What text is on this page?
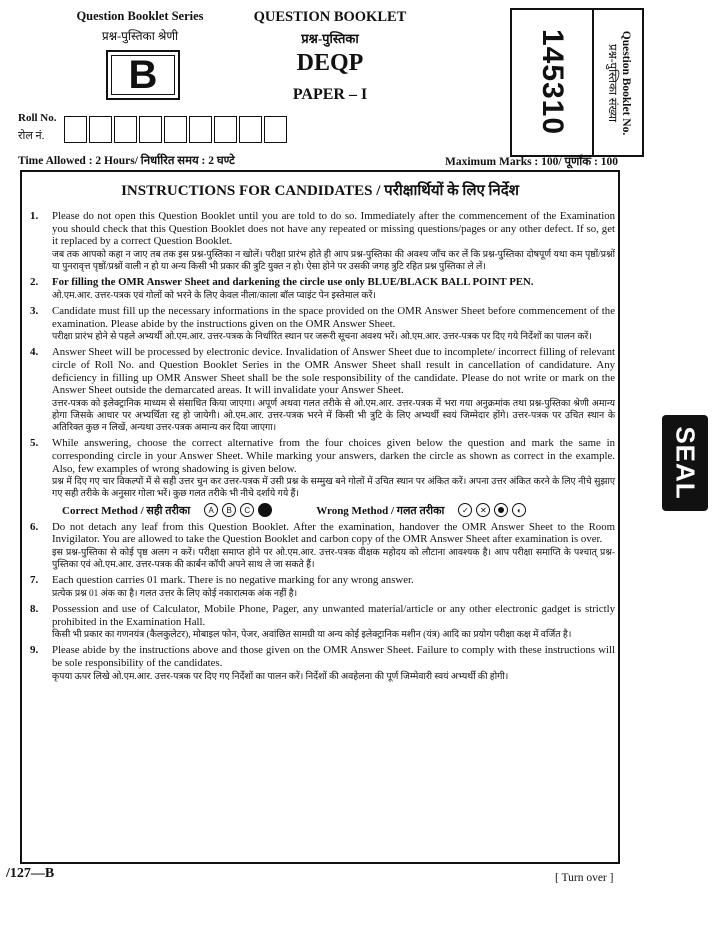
Question Booklet Series
प्रश्न-पुस्तिका श्रेणी
B
QUESTION BOOKLET
प्रश्न-पुस्तिका
DEQP
PAPER – I	145310	Question Booklet No.
प्रश्न-पुस्तिका संख्या
Roll No.
रोल नं.
Time Allowed : 2 Hours/ निर्धारित समय : 2 घण्टे	Maximum Marks : 100/ पूर्णांक : 100
INSTRUCTIONS FOR CANDIDATES / परीक्षार्थियों के लिए निर्देश
1. Please do not open this Question Booklet until you are told to do so. Immediately after the commencement of the Examination you should check that this Question Booklet does not have any repeated or missing questions/pages or any other defect. If so, get it replaced by a correct Question Booklet.
जब तक आपको कहा न जाए तब तक इस प्रश्न-पुस्तिका न खोलें। परीक्षा प्रारंभ होते ही आप प्रश्न-पुस्तिका की अवश्य जाँच कर लें कि प्रश्न-पुस्तिका दोषपूर्ण यथा कम पृष्ठों/प्रश्नों या पुनरावृत्त पृष्ठों/प्रश्नों वाली न हो या अन्य किसी भी प्रकार की त्रुटि युक्त न हो। ऐसा होने पर उसकी जगह त्रुटि रहित प्रश्न पुस्तिका ले लें।
2. For filling the OMR Answer Sheet and darkening the circle use only BLUE/BLACK BALL POINT PEN.
ओ.एम.आर. उत्तर-पत्रक एवं गोलों को भरने के लिए केवल नीला/काला बॉल प्वाइंट पेन इस्तेमाल करें।
3. Candidate must fill up the necessary informations in the space provided on the OMR Answer Sheet before commencement of the examination. Please abide by the instructions given on the OMR Answer Sheet.
परीक्षा प्रारंभ होने से पहले अभ्यर्थी ओ.एम.आर. उत्तर-पत्रक के निर्धारित स्थान पर जरूरी सूचना अवश्य भरें। ओ.एम.आर. उत्तर-पत्रक पर दिए गये निर्देशों का पालन करें।
4. Answer Sheet will be processed by electronic device. Invalidation of Answer Sheet due to incomplete/ incorrect filling of relevant circle of Roll No. and Question Booklet Series in the OMR Answer Sheet shall result in cancellation of candidature. Any deficiency in filling up OMR Answer Sheet shall be the sole responsibility of the candidate. Please do not write or mark on the Answer Sheet outside the demarcated areas. It will invalidate your Answer Sheet.
उत्तर-पत्रक को इलेक्ट्रानिक माध्यम से संसाधित किया जाएगा। अपूर्ण अथवा गलत तरीके से ओ.एम.आर. उत्तर-पत्रक में भरा गया अनुक्रमांक तथा प्रश्न-पुस्तिका श्रेणी अमान्य होगा जिसके आधार पर अभ्यर्थिता रद्द हो जायेगी। ओ.एम.आर. उत्तर-पत्रक भरने में किसी भी त्रुटि के लिए अभ्यर्थी स्वयं जिम्मेदार होंगे। उत्तर-पत्रक पर उचित स्थान के अतिरिक्त कुछ न लिखें, अन्यथा उत्तर-पत्रक अमान्य कर दिया जाएगा।
5. While answering, choose the correct alternative from the four choices given below the question and mark the same in corresponding circle in your Answer Sheet. While marking your answers, darken the circle as shown as correct in the example. Also, few examples of wrong shadowing is given below.
प्रश्न में दिए गए चार विकल्पों में से सही उत्तर चुन कर उत्तर-पत्रक में उसी प्रश्न के सम्मुख बने गोलों में उचित स्थान पर अंकित करें। अपना उत्तर अंकित करने के लिए नीचे सुझाए गए सही तरीके के अनुसार गोला भरें। कुछ गलत तरीके भी नीचे दर्शाये गये हैं।
Correct Method / सही तरीका	A	B	C	Wrong Method / गलत तरीका	✓	✕	◐
6. Do not detach any leaf from this Question Booklet. After the examination, handover the OMR Answer Sheet to the Room Invigilator. You are allowed to take the Question Booklet and carbon copy of the OMR Answer Sheet after examination is over.
इस प्रश्न-पुस्तिका से कोई पृष्ठ अलग न करें। परीक्षा समाप्त होने पर ओ.एम.आर. उत्तर-पत्रक वीक्षक महोदय को लौटाना आवश्यक है। आप परीक्षा समाप्ति के पश्चात् प्रश्न-पुस्तिका एवं ओ.एम.आर. उत्तर-पत्रक की कार्बन कॉपी अपने साथ ले जा सकते हैं।
7. Each question carries 01 mark. There is no negative marking for any wrong answer.
प्रत्येक प्रश्न 01 अंक का है। गलत उत्तर के लिए कोई नकारात्मक अंक नहीं है।
8. Possession and use of Calculator, Mobile Phone, Pager, any unwanted material/article or any other electronic gadget is strictly prohibited in the Examination Hall.
किसी भी प्रकार का गणनयंत्र (कैलकुलेटर), मोबाइल फोन, पेजर, अवांछित सामग्री या अन्य कोई इलेक्ट्रानिक मशीन (यंत्र) आदि का प्रयोग परीक्षा कक्ष में वर्जित है।
9. Please abide by the instructions above and those given on the OMR Answer Sheet. Failure to comply with these instructions will be sole responsibility of the candidates.
कृपया ऊपर लिखे ओ.एम.आर. उत्तर-पत्रक पर दिए गए निर्देशों का पालन करें। निर्देशों की अवहेलना की पूर्ण जिम्मेवारी स्वयं अभ्यर्थी की होगी।
/127—B	[ Turn over ]
SEAL
